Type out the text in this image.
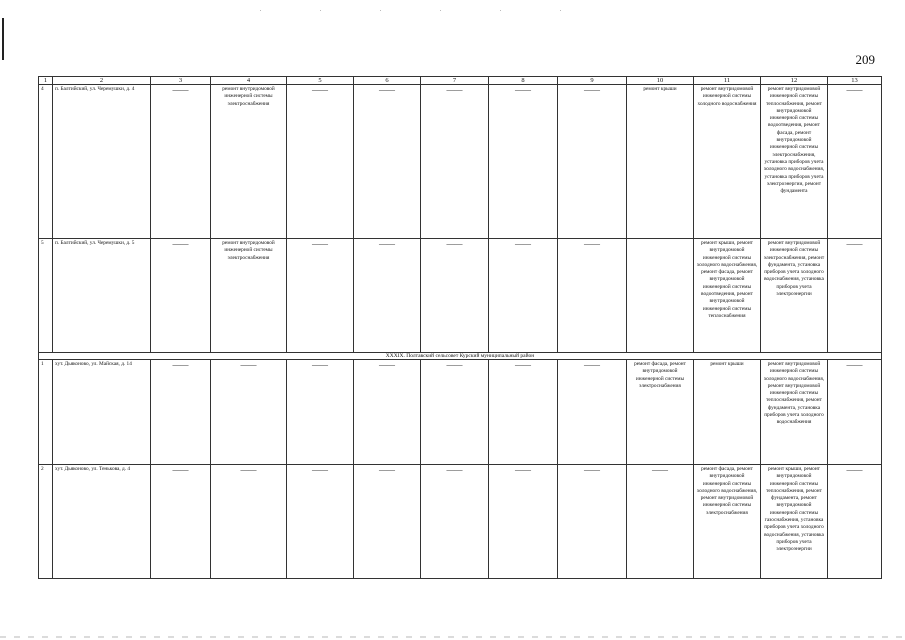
209
1	2	3	4	5	6	7	8	9	10	11	12	13
4	п. Балтийский, ул. Черемушки, д. 4	——	ремонт внутридомовой инженерной системы электроснабжения	——	——	——	——	——	ремонт крыши	ремонт внутридомовой инженерной системы холодного водоснабжения	ремонт внутридомовой инженерной системы теплоснабжения, ремонт внутридомовой инженерной системы водоотведения, ремонт фасада, ремонт внутридомовой инженерной системы электроснабжения, установка приборов учета холодного водоснабжения, установка приборов учета электроэнергии, ремонт фундамента	——

5	п. Балтийский, ул. Черемушки, д. 5	——	ремонт внутридомовой инженерной системы электроснабжения	——	——	——	——	——		ремонт крыши, ремонт внутридомовой инженерной системы холодного водоснабжения, ремонт фасада, ремонт внутридомовой инженерной системы водоотведения, ремонт внутридомовой инженерной системы теплоснабжения	ремонт внутридомовой инженерной системы электроснабжения, ремонт фундамента, установка приборов учета холодного водоснабжения, установка приборов учета электроэнергии	——

XXXIX. Полтавский сельсовет Курский муниципальный район												
1	хут. Дьяконово, ул. Майская, д. 14	——	——	——	——	——	——	——	ремонт фасада, ремонт внутридомовой инженерной системы электроснабжения	ремонт крыши	ремонт внутридомовой инженерной системы холодного водоснабжения, ремонт внутридомовой инженерной системы теплоснабжения, ремонт фундамента, установка приборов учета холодного водоснабжения	——

2	хут. Дьяконово, ул. Тенькова, д. 4	——	——	——	——	——	——	——	——	ремонт фасада, ремонт внутридомовой инженерной системы холодного водоснабжения, ремонт внутридомовой инженерной системы электроснабжения	ремонт крыши, ремонт внутридомовой инженерной системы теплоснабжения, ремонт фундамента, ремонт внутридомовой инженерной системы газоснабжения, установка приборов учета холодного водоснабжения, установка приборов учета электроэнергии	——
